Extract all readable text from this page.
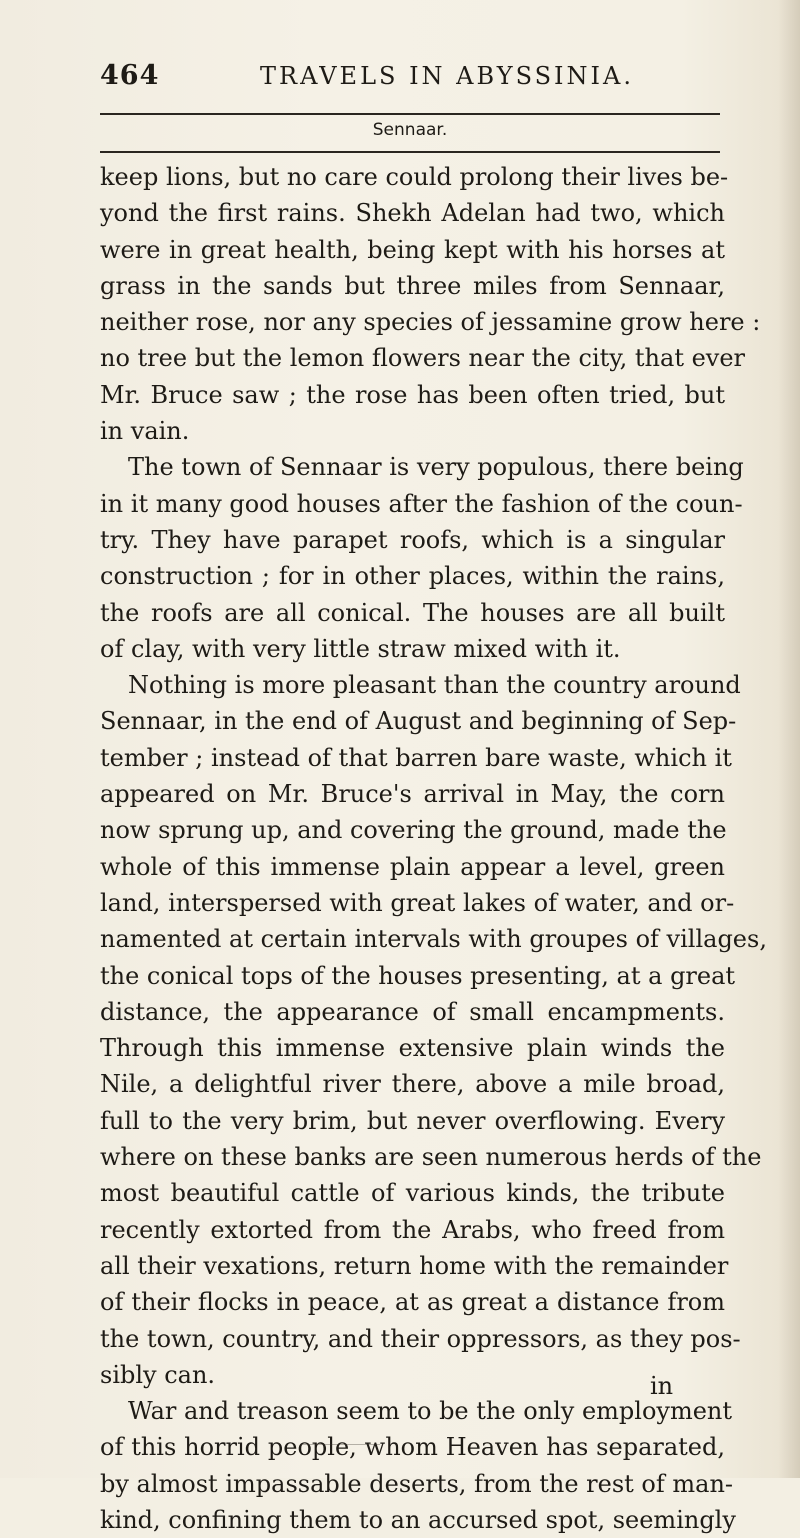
464	TRAVELS IN ABYSSINIA.
Sennaar.
keep lions, but no care could prolong their lives be-
yond the first rains. Shekh Adelan had two, which
were in great health, being kept with his horses at
grass in the sands but three miles from Sennaar,
neither rose, nor any species of jessamine grow here :
no tree but the lemon flowers near the city, that ever
Mr. Bruce saw ; the rose has been often tried, but
in vain.
The town of Sennaar is very populous, there being
in it many good houses after the fashion of the coun-
try. They have parapet roofs, which is a singular
construction ; for in other places, within the rains,
the roofs are all conical. The houses are all built
of clay, with very little straw mixed with it.
Nothing is more pleasant than the country around
Sennaar, in the end of August and beginning of Sep-
tember ; instead of that barren bare waste, which it
appeared on Mr. Bruce's arrival in May, the corn
now sprung up, and covering the ground, made the
whole of this immense plain appear a level, green
land, interspersed with great lakes of water, and or-
namented at certain intervals with groupes of villages,
the conical tops of the houses presenting, at a great
distance, the appearance of small encampments.
Through this immense extensive plain winds the
Nile, a delightful river there, above a mile broad,
full to the very brim, but never overflowing. Every
where on these banks are seen numerous herds of the
most beautiful cattle of various kinds, the tribute
recently extorted from the Arabs, who freed from
all their vexations, return home with the remainder
of their flocks in peace, at as great a distance from
the town, country, and their oppressors, as they pos-
sibly can.
War and treason seem to be the only employment
of this horrid people, whom Heaven has separated,
by almost impassable deserts, from the rest of man-
kind, confining them to an accursed spot, seemingly
in
